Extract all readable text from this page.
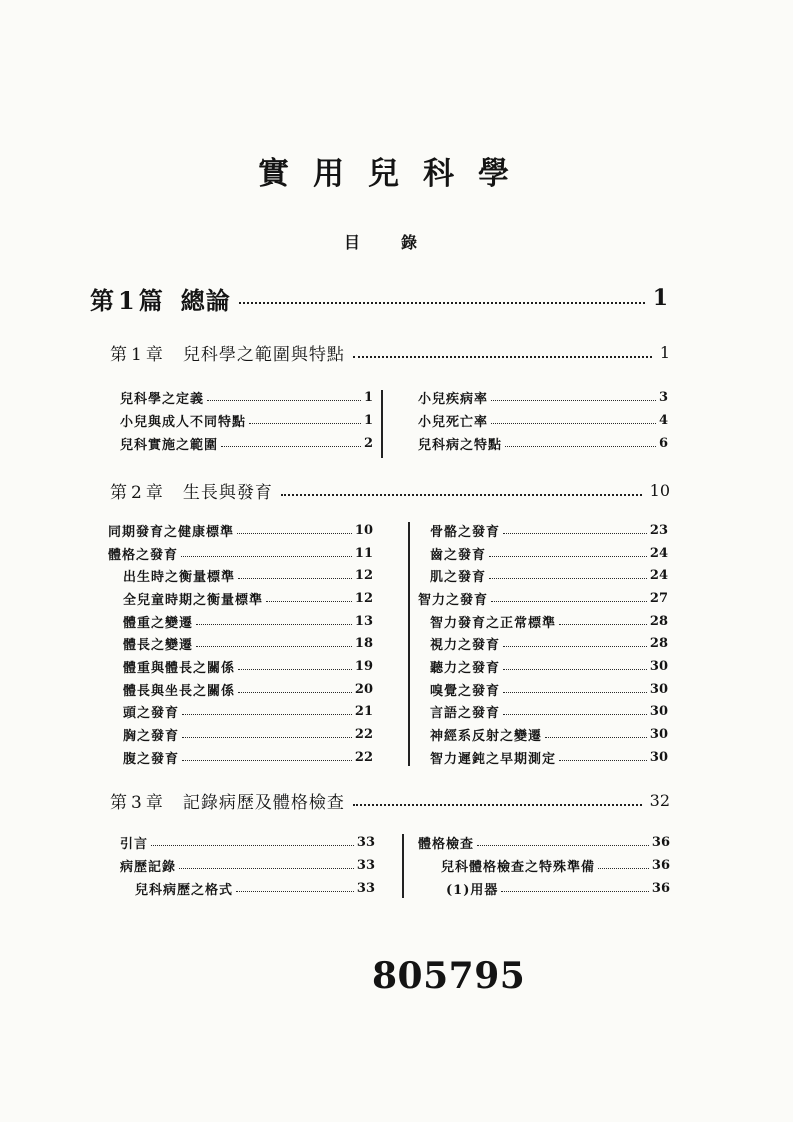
實用兒科學
目錄
第1篇 總論	1
第1章 兒科學之範圍與特點	1
兒科學之定義	1
小兒與成人不同特點	1
兒科實施之範圍	2
小兒疾病率	3
小兒死亡率	4
兒科病之特點	6
第2章 生長與發育	10
同期發育之健康標準	10
體格之發育	11
出生時之衡量標準	12
全兒童時期之衡量標準	12
體重之變遷	13
體長之變遷	18
體重與體長之關係	19
體長與坐長之關係	20
頭之發育	21
胸之發育	22
腹之發育	22
骨骼之發育	23
齒之發育	24
肌之發育	24
智力之發育	27
智力發育之正常標準	28
視力之發育	28
聽力之發育	30
嗅覺之發育	30
言語之發育	30
神經系反射之變遷	30
智力遲鈍之早期測定	30
第3章 記錄病歷及體格檢查	32
引言	33
病歷記錄	33
兒科病歷之格式	33
體格檢查	36
兒科體格檢查之特殊準備	36
(1)用器	36
805795
